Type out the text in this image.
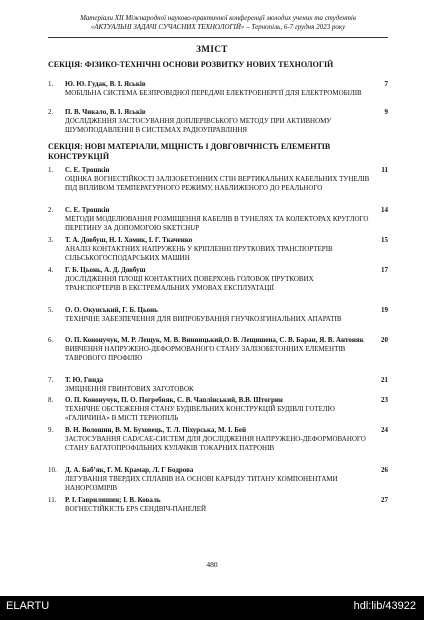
Матеріали XII Міжнародної науково-практичної конференції молодих учених та студентів
«АКТУАЛЬНІ ЗАДАЧІ СУЧАСНИХ ТЕХНОЛОГІЙ» – Тернопіль, 6-7 грудня 2023 року
ЗМІСТ
СЕКЦІЯ: ФІЗИКО-ТЕХНІЧНІ ОСНОВИ РОЗВИТКУ НОВИХ ТЕХНОЛОГІЙ
СЕКЦІЯ: НОВІ МАТЕРІАЛИ, МІЦНІСТЬ І ДОВГОВІЧНІСТЬ ЕЛЕМЕНТІВ КОНСТРУКЦІЙ
1. Ю. Ю. Гудак, В. І. Яськів
МОБІЛЬНА СИСТЕМА БЕЗПРОВІДНОЇ ПЕРЕДАЧІ ЕЛЕКТРОЕНЕРГІЇ ДЛЯ ЕЛЕКТРОМОБІЛІВ
7
2. П. В. Чикало, В. І. Яськів
ДОСЛІДЖЕННЯ ЗАСТОСУВАННЯ ДОПЛЕРІВСЬКОГО МЕТОДУ ПРИ АКТИВНОМУ ШУМОПОДАВЛЕННІ В СИСТЕМАХ РАДІОУПРАВЛІННЯ
9
1. С. Е. Трошкін
ОЦІНКА ВОГНЕСТІЙКОСТІ ЗАЛІЗОБЕТОННИХ СТІН ВЕРТИКАЛЬНИХ КАБЕЛЬНИХ ТУНЕЛІВ ПІД ВПЛИВОМ ТЕМПЕРАТУРНОГО РЕЖИМУ, НАБЛИЖЕНОГО ДО РЕАЛЬНОГО
11
2. С. Е. Трошкін
МЕТОДИ МОДЕЛЮВАННЯ РОЗМІЩЕННЯ КАБЕЛІВ В ТУНЕЛЯХ ТА КОЛЕКТОРАХ КРУГЛОГО ПЕРЕТИНУ ЗА ДОПОМОГОЮ SKETCHUP
14
3. Т. А. Довбуш, Н. І. Хомик, І. Г. Ткаченко
АНАЛІЗ КОНТАКТНИХ НАПРУЖЕНЬ У КРІПЛЕННІ ПРУТКОВИХ ТРАНСПОРТЕРІВ СІЛЬСЬКОГОСПОДАРСЬКИХ МАШИН
15
4. Г. Б. Цьонь, А. Д. Довбуш
ДОСЛІДЖЕННЯ ПЛОЩІ КОНТАКТНИХ ПОВЕРХОНЬ ГОЛОВОК ПРУТКОВИХ ТРАНСПОРТЕРІВ В ЕКСТРЕМАЛЬНИХ УМОВАХ ЕКСПЛУАТАЦІЇ
17
5. О. О. Окунський, Г. Б. Цьонь
ТЕХНІЧНЕ ЗАБЕЗПЕЧЕННЯ ДЛЯ ВИПРОБУВАННЯ ГНУЧКОЗГИНАЛЬНИХ АПАРАТІВ
19
6. О. П. Кононучук, М. Р. Лещук, М. В. Винницький,О. В. Лещишена, С. В. Баран, Я. В. Антоняк
ВИВЧЕННЯ НАПРУЖЕНО-ДЕФОРМОВАНОГО СТАНУ ЗАЛІЗОБЕТОННИХ ЕЛЕМЕНТІВ ТАВРОВОГО ПРОФІЛЮ
20
7. Т. Ю. Гинда
ЗМІЦНЕННЯ ГВИНТОВИХ ЗАГОТОВОК
21
8. О. П. Кононучук, П. О. Погребняк, С. В. Чаплінський, В.В. Штогрин
ТЕХНІЧНЕ ОБСТЕЖЕННЯ СТАНУ БУДІВЕЛЬНИХ КОНСТРУКЦІЙ БУДІВЛІ ГОТЕЛЮ «ГАЛИЧИНА» В МІСТІ ТЕРНОПІЛЬ
23
9. В. Н. Волошин, В. М. Буховець, Т. Л. Піхурська, М. І. Бей
ЗАСТОСУВАННЯ CAD/CAE-СИСТЕМ ДЛЯ ДОСЛІДЖЕННЯ НАПРУЖЕНО-ДЕФОРМОВАНОГО СТАНУ БАГАТОПРОФІЛЬНИХ КУЛАЧКІВ ТОКАРНИХ ПАТРОНІВ
24
10. Д. А. Баб’як, Г. М. Крамар, Л. Г Бодрова
ЛЕГУВАННЯ ТВЕРДИХ СПЛАВІВ НА ОСНОВІ КАРБІДУ ТИТАНУ КОМПОНЕНТАМИ НАНОРОЗМІРІВ
26
11. Р. І. Гаврилишин; І. В. Коваль
ВОГНЕСТІЙКІСТЬ EPS СЕНДВІЧ-ПАНЕЛЕЙ
27
480
ELARTU	hdl:lib/43922
